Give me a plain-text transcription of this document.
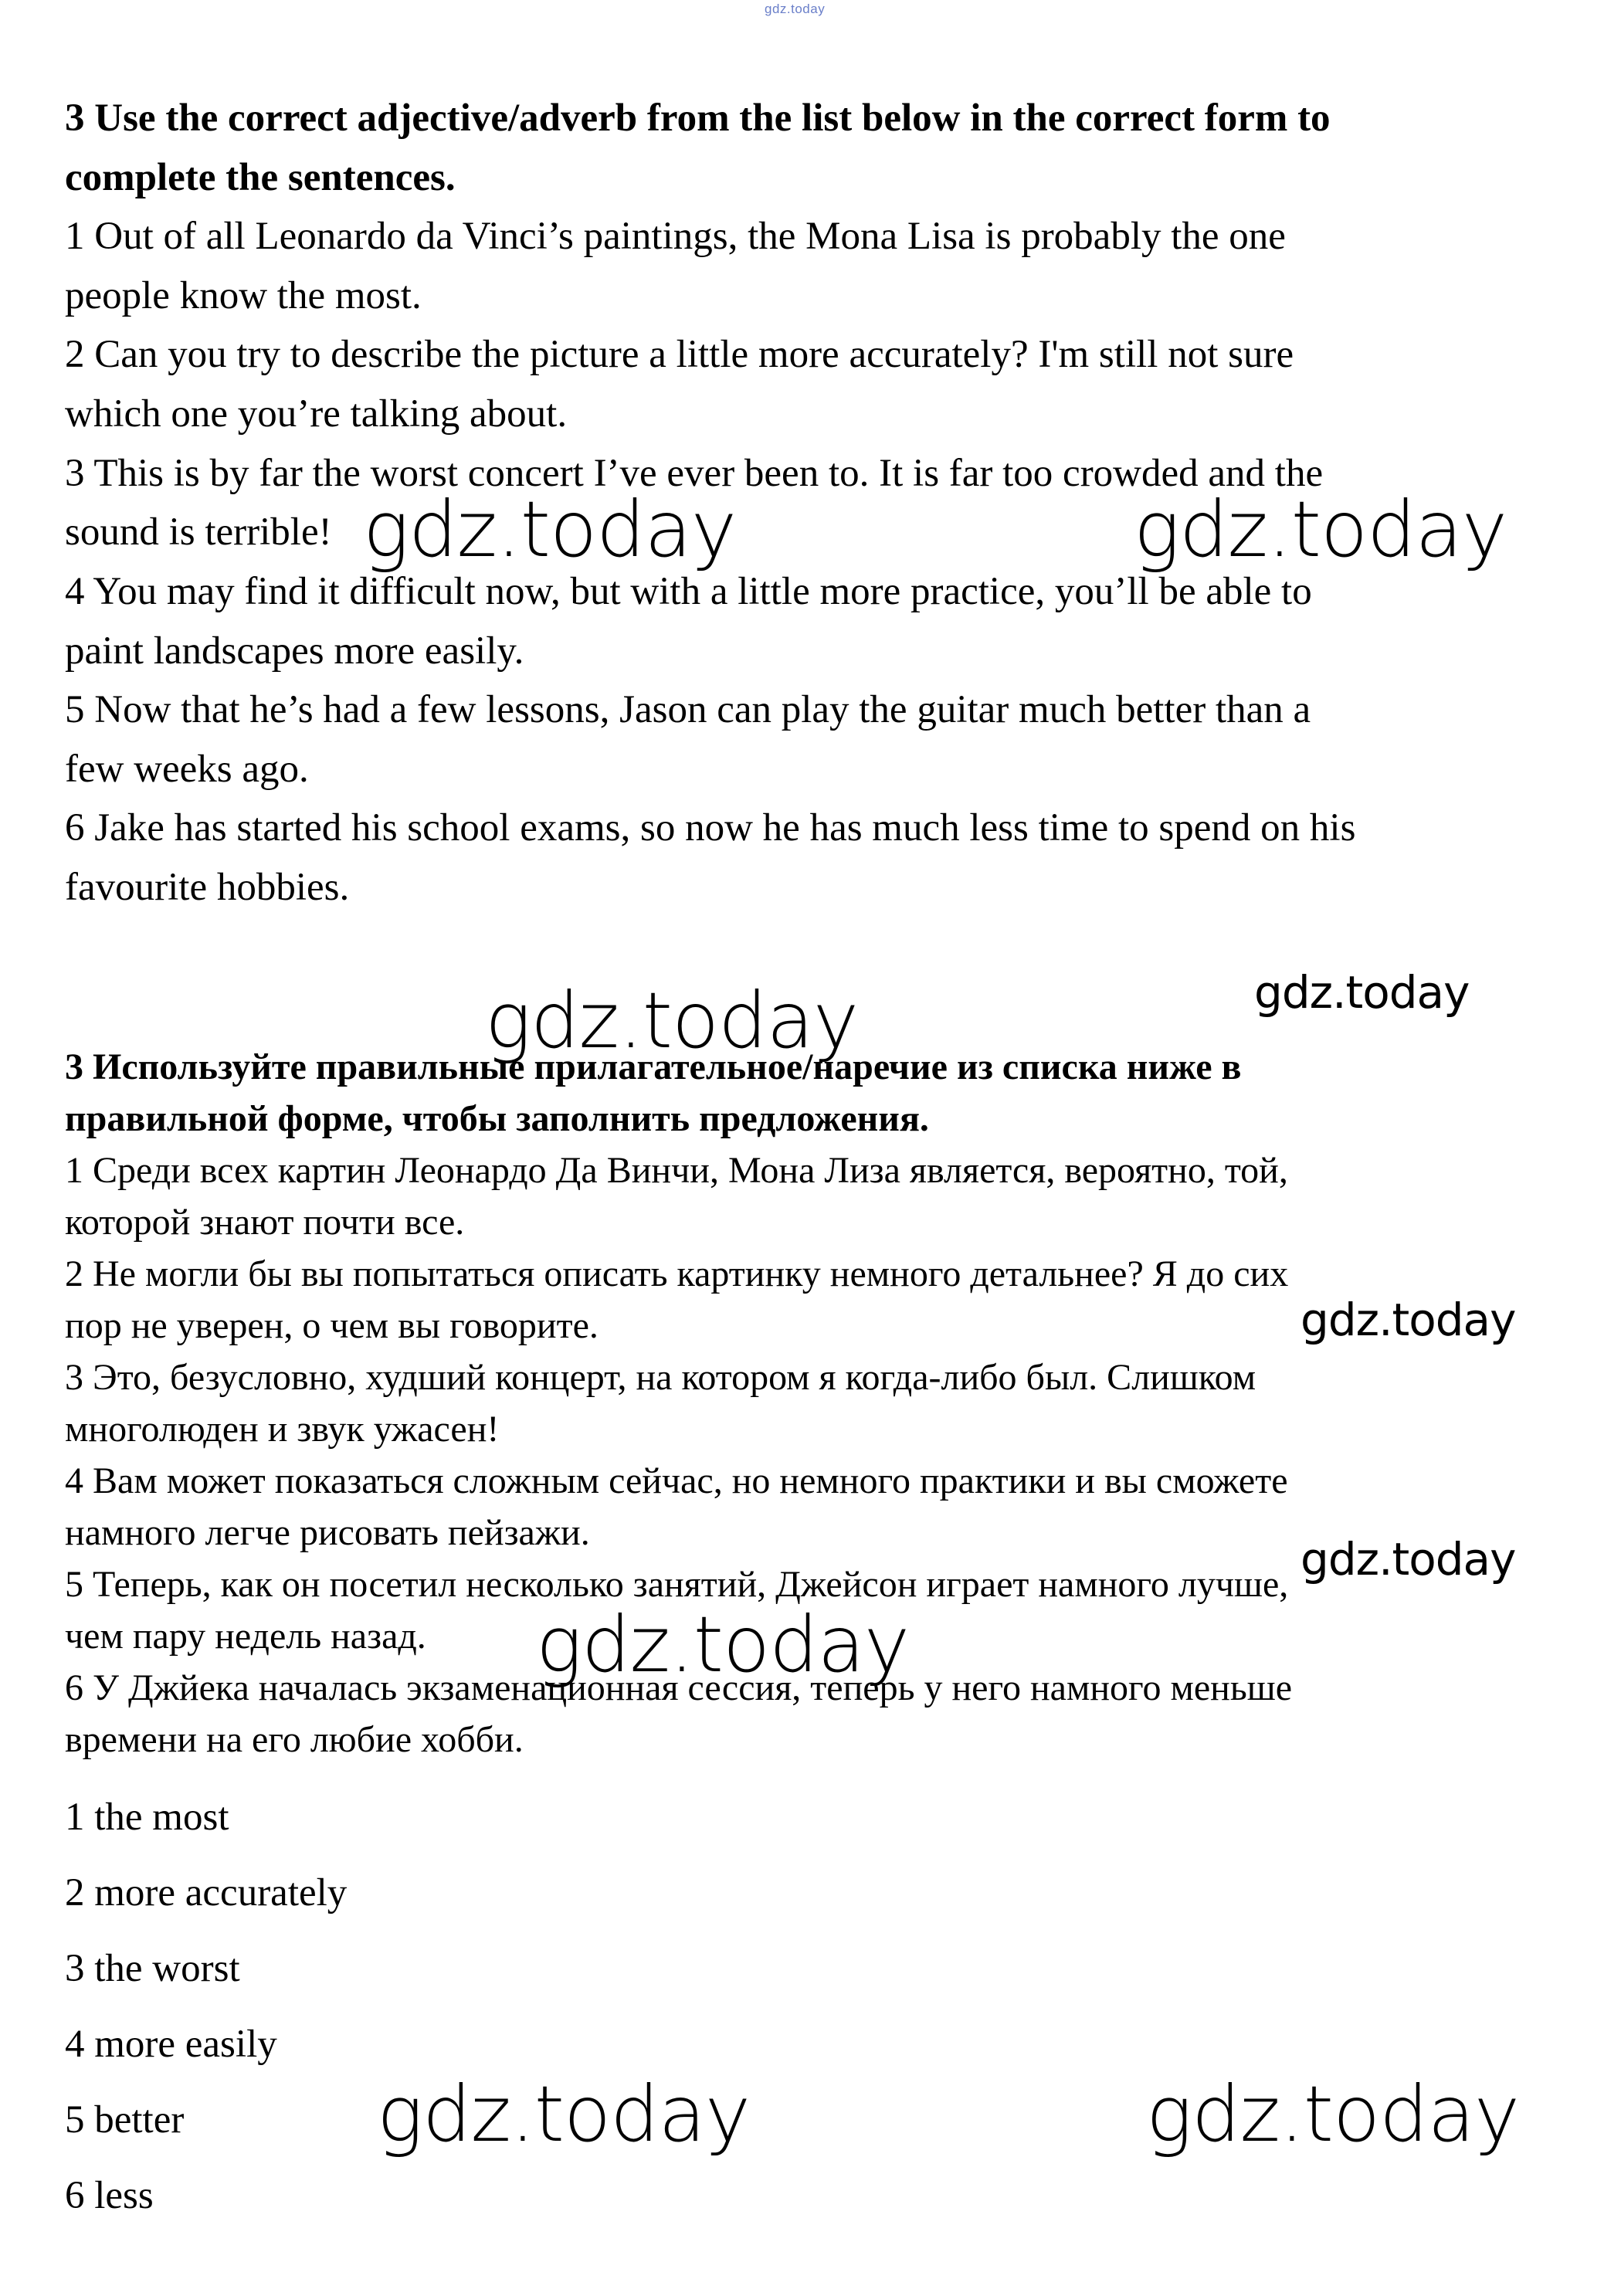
gdz.today
3 Use the correct adjective/adverb from the list below in the correct form to
complete the sentences.
1 Out of all Leonardo da Vinci’s paintings, the Mona Lisa is probably the one
people know the most.
2 Can you try to describe the picture a little more accurately? I'm still not sure
which one you’re talking about.
3 This is by far the worst concert I’ve ever been to. It is far too crowded and the
sound is terrible!
4 You may find it difficult now, but with a little more practice, you’ll be able to
paint landscapes more easily.
5 Now that he’s had a few lessons, Jason can play the guitar much better than a
few weeks ago.
6 Jake has started his school exams, so now he has much less time to spend on his
favourite hobbies.
3 Используйте правильные прилагательное/наречие из списка ниже в
правильной форме, чтобы заполнить предложения.
1 Среди всех картин Леонардо Да Винчи, Мона Лиза является, вероятно, той,
которой знают почти все.
2 Не могли бы вы попытаться описать картинку немного детальнее? Я до сих
пор не уверен, о чем вы говорите.
3 Это, безусловно, худший концерт, на котором я когда-либо был. Слишком
многолюден и звук ужасен!
4 Вам может показаться сложным сейчас, но немного практики и вы сможете
намного легче рисовать пейзажи.
5 Теперь, как он посетил несколько занятий, Джейсон играет намного лучше,
чем пару недель назад.
6 У Джйека началась экзаменационная сессия, теперь у него намного меньше
времени на его любие хобби.
1 the most
2 more accurately
3 the worst
4 more easily
5 better
6 less
gdz.today	gdz.today
gdz.today	gdz.today
gdz.today
gdz.today
gdz.today
gdz.today	gdz.today
